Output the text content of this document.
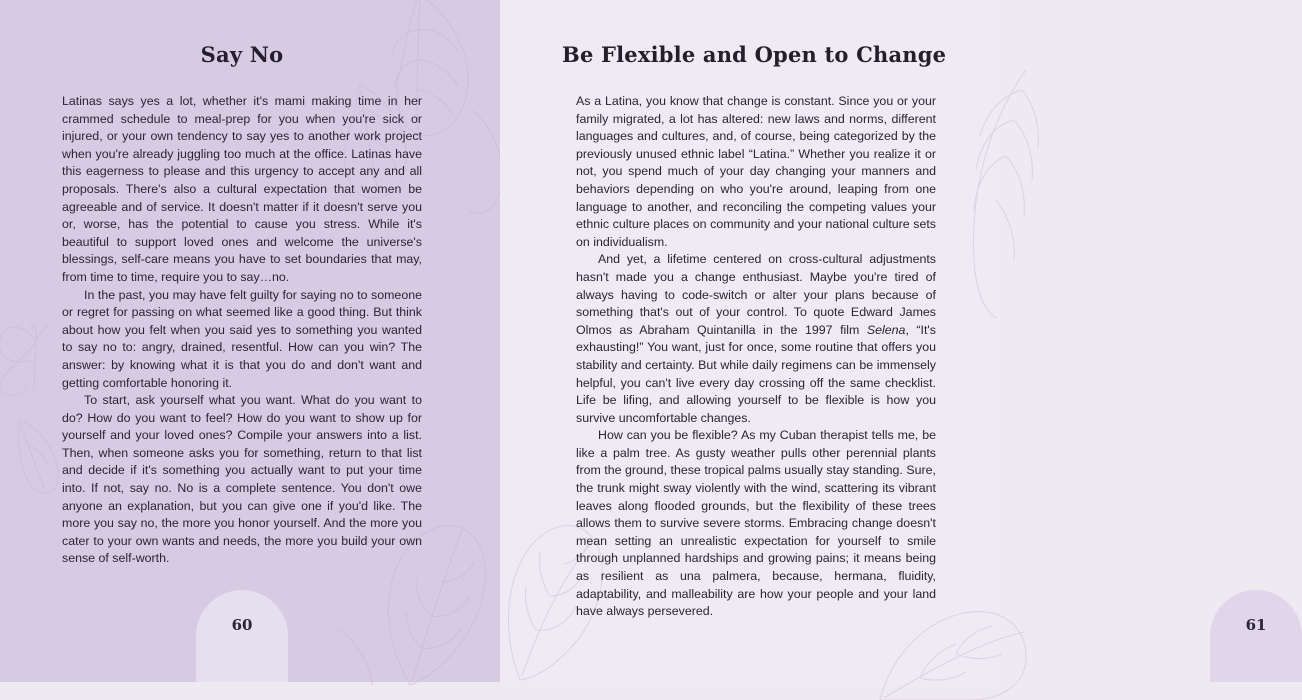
Say No

Latinas says yes a lot, whether it's mami making time in her crammed schedule to meal-prep for you when you're sick or injured, or your own tendency to say yes to another work project when you're already juggling too much at the office. Latinas have this eagerness to please and this urgency to accept any and all proposals. There's also a cultural expectation that women be agreeable and of service. It doesn't matter if it doesn't serve you or, worse, has the potential to cause you stress. While it's beautiful to support loved ones and welcome the universe's blessings, self-care means you have to set boundaries that may, from time to time, require you to say…no.

In the past, you may have felt guilty for saying no to someone or regret for passing on what seemed like a good thing. But think about how you felt when you said yes to something you wanted to say no to: angry, drained, resentful. How can you win? The answer: by knowing what it is that you do and don't want and getting comfortable honoring it.

To start, ask yourself what you want. What do you want to do? How do you want to feel? How do you want to show up for yourself and your loved ones? Compile your answers into a list. Then, when someone asks you for something, return to that list and decide if it's something you actually want to put your time into. If not, say no. No is a complete sentence. You don't owe anyone an explanation, but you can give one if you'd like. The more you say no, the more you honor yourself. And the more you cater to your own wants and needs, the more you build your own sense of self-worth.

60
Be Flexible and Open to Change

As a Latina, you know that change is constant. Since you or your family migrated, a lot has altered: new laws and norms, different languages and cultures, and, of course, being categorized by the previously unused ethnic label “Latina.” Whether you realize it or not, you spend much of your day changing your manners and behaviors depending on who you're around, leaping from one language to another, and reconciling the competing values your ethnic culture places on community and your national culture sets on individualism.

And yet, a lifetime centered on cross-cultural adjustments hasn't made you a change enthusiast. Maybe you're tired of always having to code-switch or alter your plans because of something that's out of your control. To quote Edward James Olmos as Abraham Quintanilla in the 1997 film Selena, “It's exhausting!” You want, just for once, some routine that offers you stability and certainty. But while daily regimens can be immensely helpful, you can't live every day crossing off the same checklist. Life be lifing, and allowing yourself to be flexible is how you survive uncomfortable changes.

How can you be flexible? As my Cuban therapist tells me, be like a palm tree. As gusty weather pulls other perennial plants from the ground, these tropical palms usually stay standing. Sure, the trunk might sway violently with the wind, scattering its vibrant leaves along flooded grounds, but the flexibility of these trees allows them to survive severe storms. Embracing change doesn't mean setting an unrealistic expectation for yourself to smile through unplanned hardships and growing pains; it means being as resilient as una palmera, because, hermana, fluidity, adaptability, and malleability are how your people and your land have always persevered.

61
